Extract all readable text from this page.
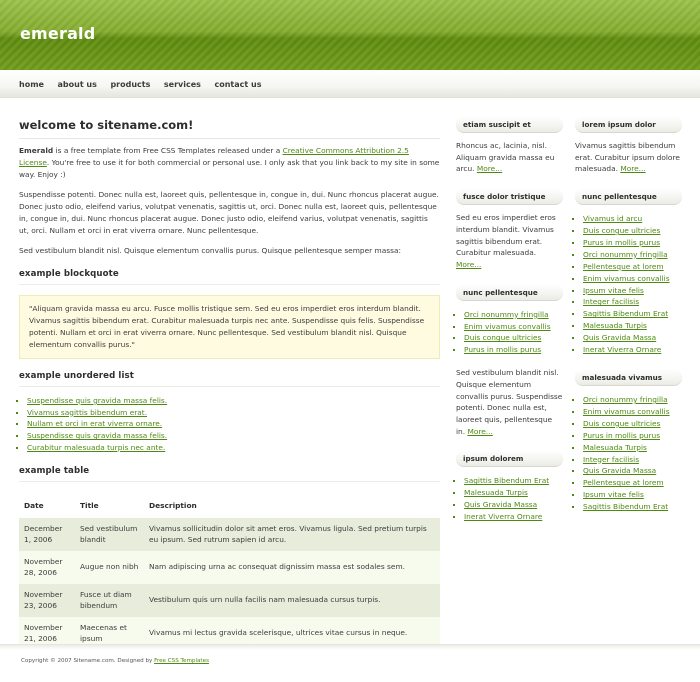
emerald
home about us products services contact us
welcome to sitename.com!

Emerald is a free template from Free CSS Templates released under a Creative Commons Attribution 2.5 License. You're free to use it for both commercial or personal use. I only ask that you link back to my site in some way. Enjoy :)

Suspendisse potenti. Donec nulla est, laoreet quis, pellentesque in, congue in, dui. Nunc rhoncus placerat augue. Donec justo odio, eleifend varius, volutpat venenatis, sagittis ut, orci. Donec nulla est, laoreet quis, pellentesque in, congue in, dui. Nunc rhoncus placerat augue. Donec justo odio, eleifend varius, volutpat venenatis, sagittis ut, orci. Nullam et orci in erat viverra ornare. Nunc pellentesque.

Sed vestibulum blandit nisl. Quisque elementum convallis purus. Quisque pellentesque semper massa:

example blockquote
"Aliquam gravida massa eu arcu. Fusce mollis tristique sem. Sed eu eros imperdiet eros interdum blandit. Vivamus sagittis bibendum erat. Curabitur malesuada turpis nec ante. Suspendisse quis felis. Suspendisse potenti. Nullam et orci in erat viverra ornare. Nunc pellentesque. Sed vestibulum blandit nisl. Quisque elementum convallis purus."
example unordered list
▪ Suspendisse quis gravida massa felis.
▪ Vivamus sagittis bibendum erat.
▪ Nullam et orci in erat viverra ornare.
▪ Suspendisse quis gravida massa felis.
▪ Curabitur malesuada turpis nec ante.
example table
Date	Title	Description
December 1, 2006	Sed vestibulum blandit	Vivamus sollicitudin dolor sit amet eros. Vivamus ligula. Sed pretium turpis eu ipsum. Sed rutrum sapien id arcu.
November 28, 2006	Augue non nibh	Nam adipiscing urna ac consequat dignissim massa est sodales sem.
November 23, 2006	Fusce ut diam bibendum	Vestibulum quis urn nulla facilis nam malesuada cursus turpis.
November 21, 2006	Maecenas et ipsum	Vivamus mi lectus gravida scelerisque, ultrices vitae cursus in neque.
etiam suscipit et

Rhoncus ac, lacinia, nisl. Aliquam gravida massa eu arcu. More...

fusce dolor tristique

Sed eu eros imperdiet eros interdum blandit. Vivamus sagittis bibendum erat. Curabitur malesuada. More...

nunc pellentesque
▪ Orci nonummy fringilla
▪ Enim vivamus convallis
▪ Duis congue ultricies
▪ Purus in mollis purus

Sed vestibulum blandit nisl. Quisque elementum convallis purus. Suspendisse potenti. Donec nulla est, laoreet quis, pellentesque in. More...

ipsum dolorem
▪ Sagittis Bibendum Erat
▪ Malesuada Turpis
▪ Quis Gravida Massa
▪ Inerat Viverra Ornare
lorem ipsum dolor

Vivamus sagittis bibendum erat. Curabitur ipsum dolore malesuada. More...

nunc pellentesque
▪ Vivamus id arcu
▪ Duis congue ultricies
▪ Purus in mollis purus
▪ Orci nonummy fringilla
▪ Pellentesque at lorem
▪ Enim vivamus convallis
▪ Ipsum vitae felis
▪ Integer facilisis
▪ Sagittis Bibendum Erat
▪ Malesuada Turpis
▪ Quis Gravida Massa
▪ Inerat Viverra Ornare
malesuada vivamus
▪ Orci nonummy fringilla
▪ Enim vivamus convallis
▪ Duis congue ultricies
▪ Purus in mollis purus
▪ Malesuada Turpis
▪ Integer facilisis
▪ Quis Gravida Massa
▪ Pellentesque at lorem
▪ Ipsum vitae felis
▪ Sagittis Bibendum Erat

Copyright © 2007 Sitename.com. Designed by Free CSS Templates
